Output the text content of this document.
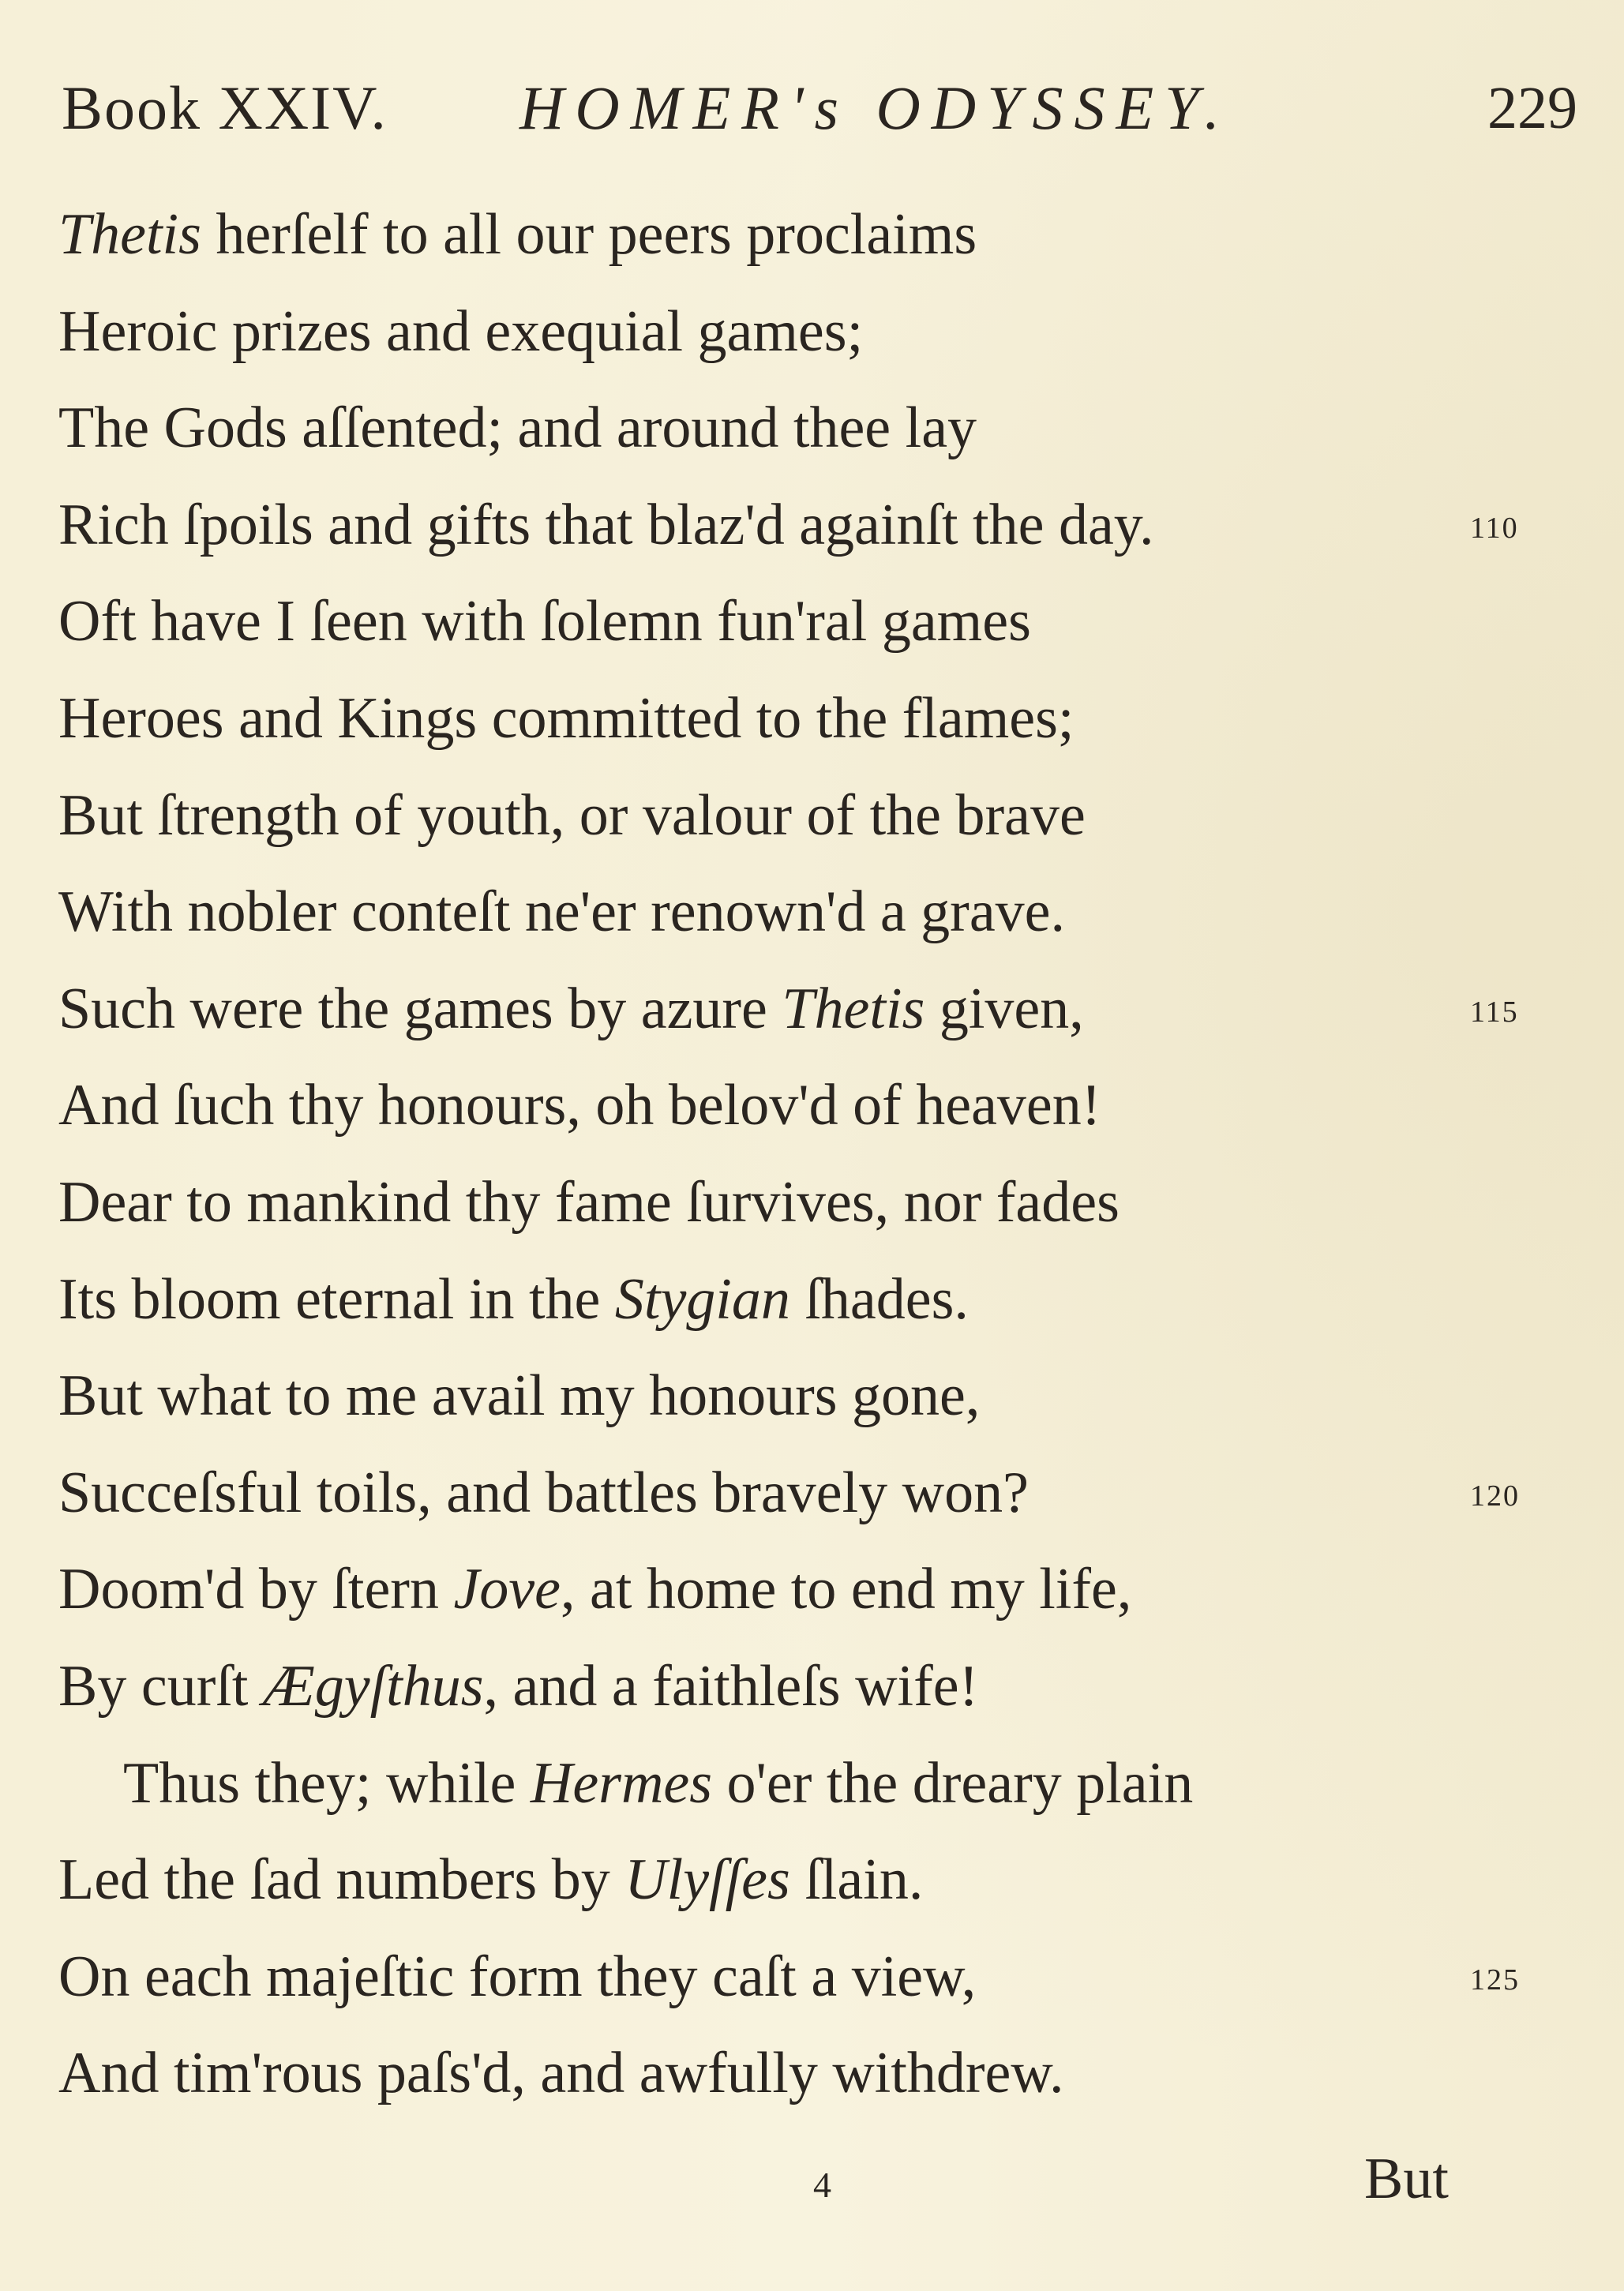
Book XXIV. HOMER's ODYSSEY.	229
Thetis herſelf to all our peers proclaims
Heroic prizes and exequial games;
The Gods aſſented; and around thee lay
Rich ſpoils and gifts that blaz'd againſt the day.	110
Oft have I ſeen with ſolemn fun'ral games
Heroes and Kings committed to the flames;
But ſtrength of youth, or valour of the brave
With nobler conteſt ne'er renown'd a grave.
Such were the games by azure Thetis given,	115
And ſuch thy honours, oh belov'd of heaven!
Dear to mankind thy fame ſurvives, nor fades
Its bloom eternal in the Stygian ſhades.
But what to me avail my honours gone,
Succeſsful toils, and battles bravely won?	120
Doom'd by ſtern Jove, at home to end my life,
By curſt Ægyſthus, and a faithleſs wife!
Thus they; while Hermes o'er the dreary plain
Led the ſad numbers by Ulyſſes ſlain.
On each majeſtic form they caſt a view,	125
And tim'rous paſs'd, and awfully withdrew.
4	But
